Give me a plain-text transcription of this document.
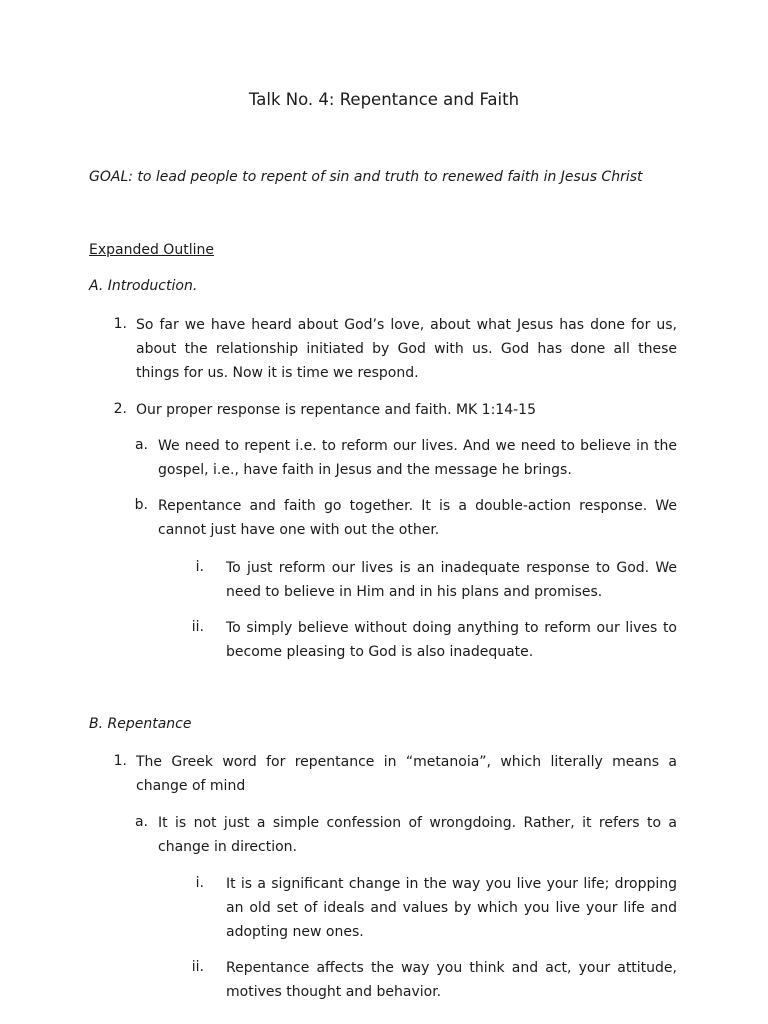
Talk No. 4: Repentance and Faith
GOAL: to lead people to repent of sin and truth to renewed faith in Jesus Christ
Expanded Outline
A. Introduction.
1. So far we have heard about God’s love, about what Jesus has done for us, about the relationship initiated by God with us. God has done all these things for us. Now it is time we respond.
2. Our proper response is repentance and faith. MK 1:14-15
a. We need to repent i.e. to reform our lives. And we need to believe in the gospel, i.e., have faith in Jesus and the message he brings.
b. Repentance and faith go together. It is a double-action response. We cannot just have one with out the other.
i. To just reform our lives is an inadequate response to God. We need to believe in Him and in his plans and promises.
ii. To simply believe without doing anything to reform our lives to become pleasing to God is also inadequate.
B. Repentance
1. The Greek word for repentance in “metanoia”, which literally means a change of mind
a. It is not just a simple confession of wrongdoing. Rather, it refers to a change in direction.
i. It is a significant change in the way you live your life; dropping an old set of ideals and values by which you live your life and adopting new ones.
ii. Repentance affects the way you think and act, your attitude, motives thought and behavior.
